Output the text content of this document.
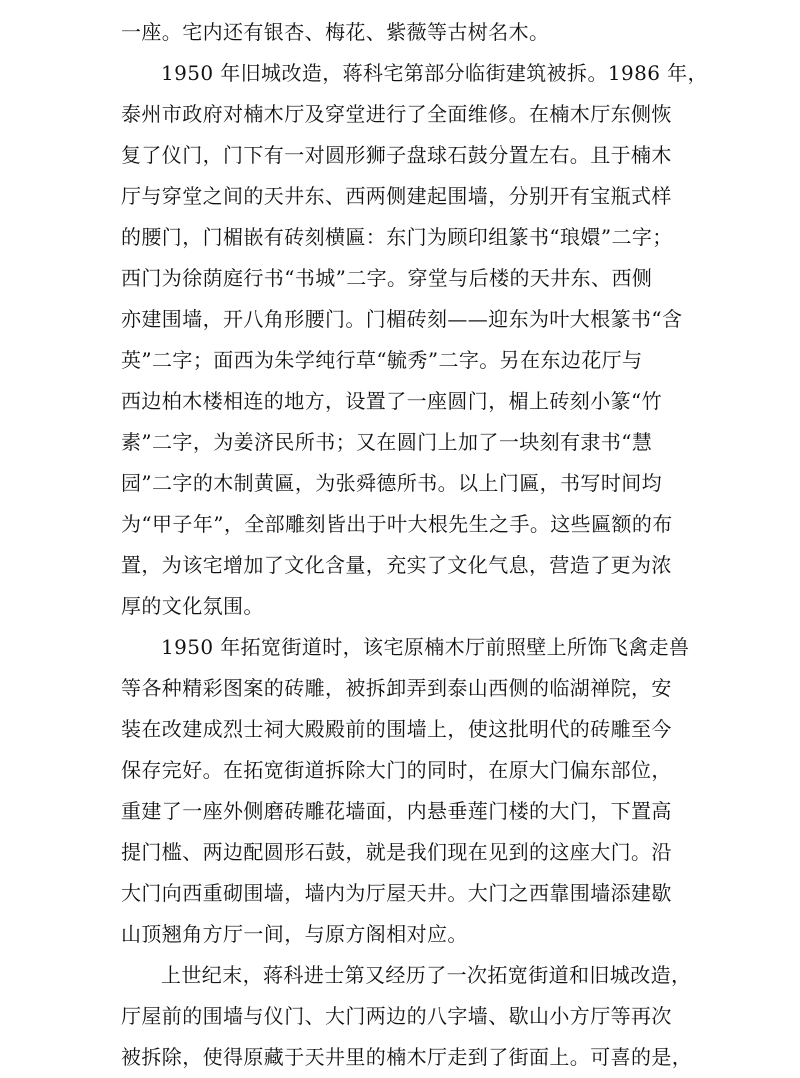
一座。宅内还有银杏、梅花、紫薇等古树名木。
1950 年旧城改造，蒋科宅第部分临街建筑被拆。1986 年，
泰州市政府对楠木厅及穿堂进行了全面维修。在楠木厅东侧恢
复了仪门，门下有一对圆形狮子盘球石鼓分置左右。且于楠木
厅与穿堂之间的天井东、西两侧建起围墙，分别开有宝瓶式样
的腰门，门楣嵌有砖刻横匾：东门为顾印组篆书“琅嬛”二字；
西门为徐荫庭行书“书城”二字。穿堂与后楼的天井东、西侧
亦建围墙，开八角形腰门。门楣砖刻——迎东为叶大根篆书“含
英”二字；面西为朱学纯行草“毓秀”二字。另在东边花厅与
西边柏木楼相连的地方，设置了一座圆门，楣上砖刻小篆“竹
素”二字，为姜济民所书；又在圆门上加了一块刻有隶书“慧
园”二字的木制黄匾，为张舜德所书。以上门匾，书写时间均
为“甲子年”，全部雕刻皆出于叶大根先生之手。这些匾额的布
置，为该宅增加了文化含量，充实了文化气息，营造了更为浓
厚的文化氛围。
1950 年拓宽街道时，该宅原楠木厅前照壁上所饰飞禽走兽
等各种精彩图案的砖雕，被拆卸弄到泰山西侧的临湖禅院，安
装在改建成烈士祠大殿殿前的围墙上，使这批明代的砖雕至今
保存完好。在拓宽街道拆除大门的同时，在原大门偏东部位，
重建了一座外侧磨砖雕花墙面，内悬垂莲门楼的大门，下置高
提门槛、两边配圆形石鼓，就是我们现在见到的这座大门。沿
大门向西重砌围墙，墙内为厅屋天井。大门之西靠围墙添建歇
山顶翘角方厅一间，与原方阁相对应。
上世纪末，蒋科进士第又经历了一次拓宽街道和旧城改造，
厅屋前的围墙与仪门、大门两边的八字墙、歇山小方厅等再次
被拆除，使得原藏于天井里的楠木厅走到了街面上。可喜的是，
